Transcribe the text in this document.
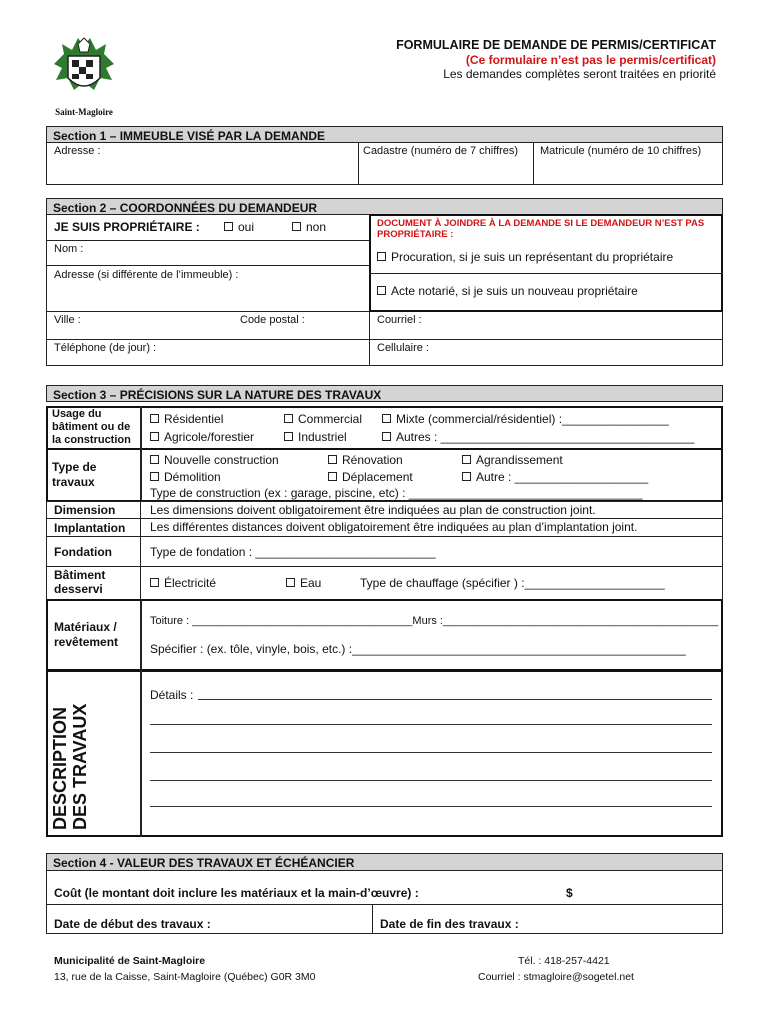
Saint-Magloire
FORMULAIRE DE DEMANDE DE PERMIS/CERTIFICAT
(Ce formulaire n’est pas le permis/certificat)
Les demandes complètes seront traitées en priorité
Section 1 – IMMEUBLE VISÉ PAR LA DEMANDE
Adresse :	Cadastre (numéro de 7 chiffres) Matricule (numéro de 10 chiffres)
Section 2 – COORDONNÉES DU DEMANDEUR
JE SUIS PROPRIÉTAIRE :	oui	non	DOCUMENT À JOINDRE À LA DEMANDE SI LE DEMANDEUR N’EST PAS PROPRIÉTAIRE :
Procuration, si je suis un représentant du propriétaire
Acte notarié, si je suis un nouveau propriétaire
Nom :
Adresse (si différente de l’immeuble) :
Ville :	Code postal :	Courriel :
Téléphone (de jour) :	Cellulaire :
Section 3 – PRÉCISIONS SUR LA NATURE DES TRAVAUX
Usage du bâtiment ou de la construction
Résidentiel	Commercial	Mixte (commercial/résidentiel) :________________
Agricole/forestier	Industriel	Autres : ______________________________________
Type de travaux
Nouvelle construction	Rénovation	Agrandissement
Démolition	Déplacement	Autre : ____________________
Type de construction (ex : garage, piscine, etc) : ___________________________________
Dimension	Les dimensions doivent obligatoirement être indiquées au plan de construction joint.
Implantation Les différentes distances doivent obligatoirement être indiquées au plan d’implantation joint.
Fondation	Type de fondation : ___________________________
Bâtiment desservi	Électricité	Eau	Type de chauffage (spécifier ) :_____________________
Matériaux / revêtement
Toiture : ____________________________________Murs :_____________________________________________
Spécifier : (ex. tôle, vinyle, bois, etc.) :__________________________________________________
DESCRIPTION DES TRAVAUX
Détails :
Section 4 - VALEUR DES TRAVAUX ET ÉCHÉANCIER
Coût (le montant doit inclure les matériaux et la main-d’œuvre) :	$
Date de début des travaux :	Date de fin des travaux :
Municipalité de Saint-Magloire
13, rue de la Caisse, Saint-Magloire (Québec) G0R 3M0
Tél. : 418-257-4421
Courriel : stmagloire@sogetel.net
